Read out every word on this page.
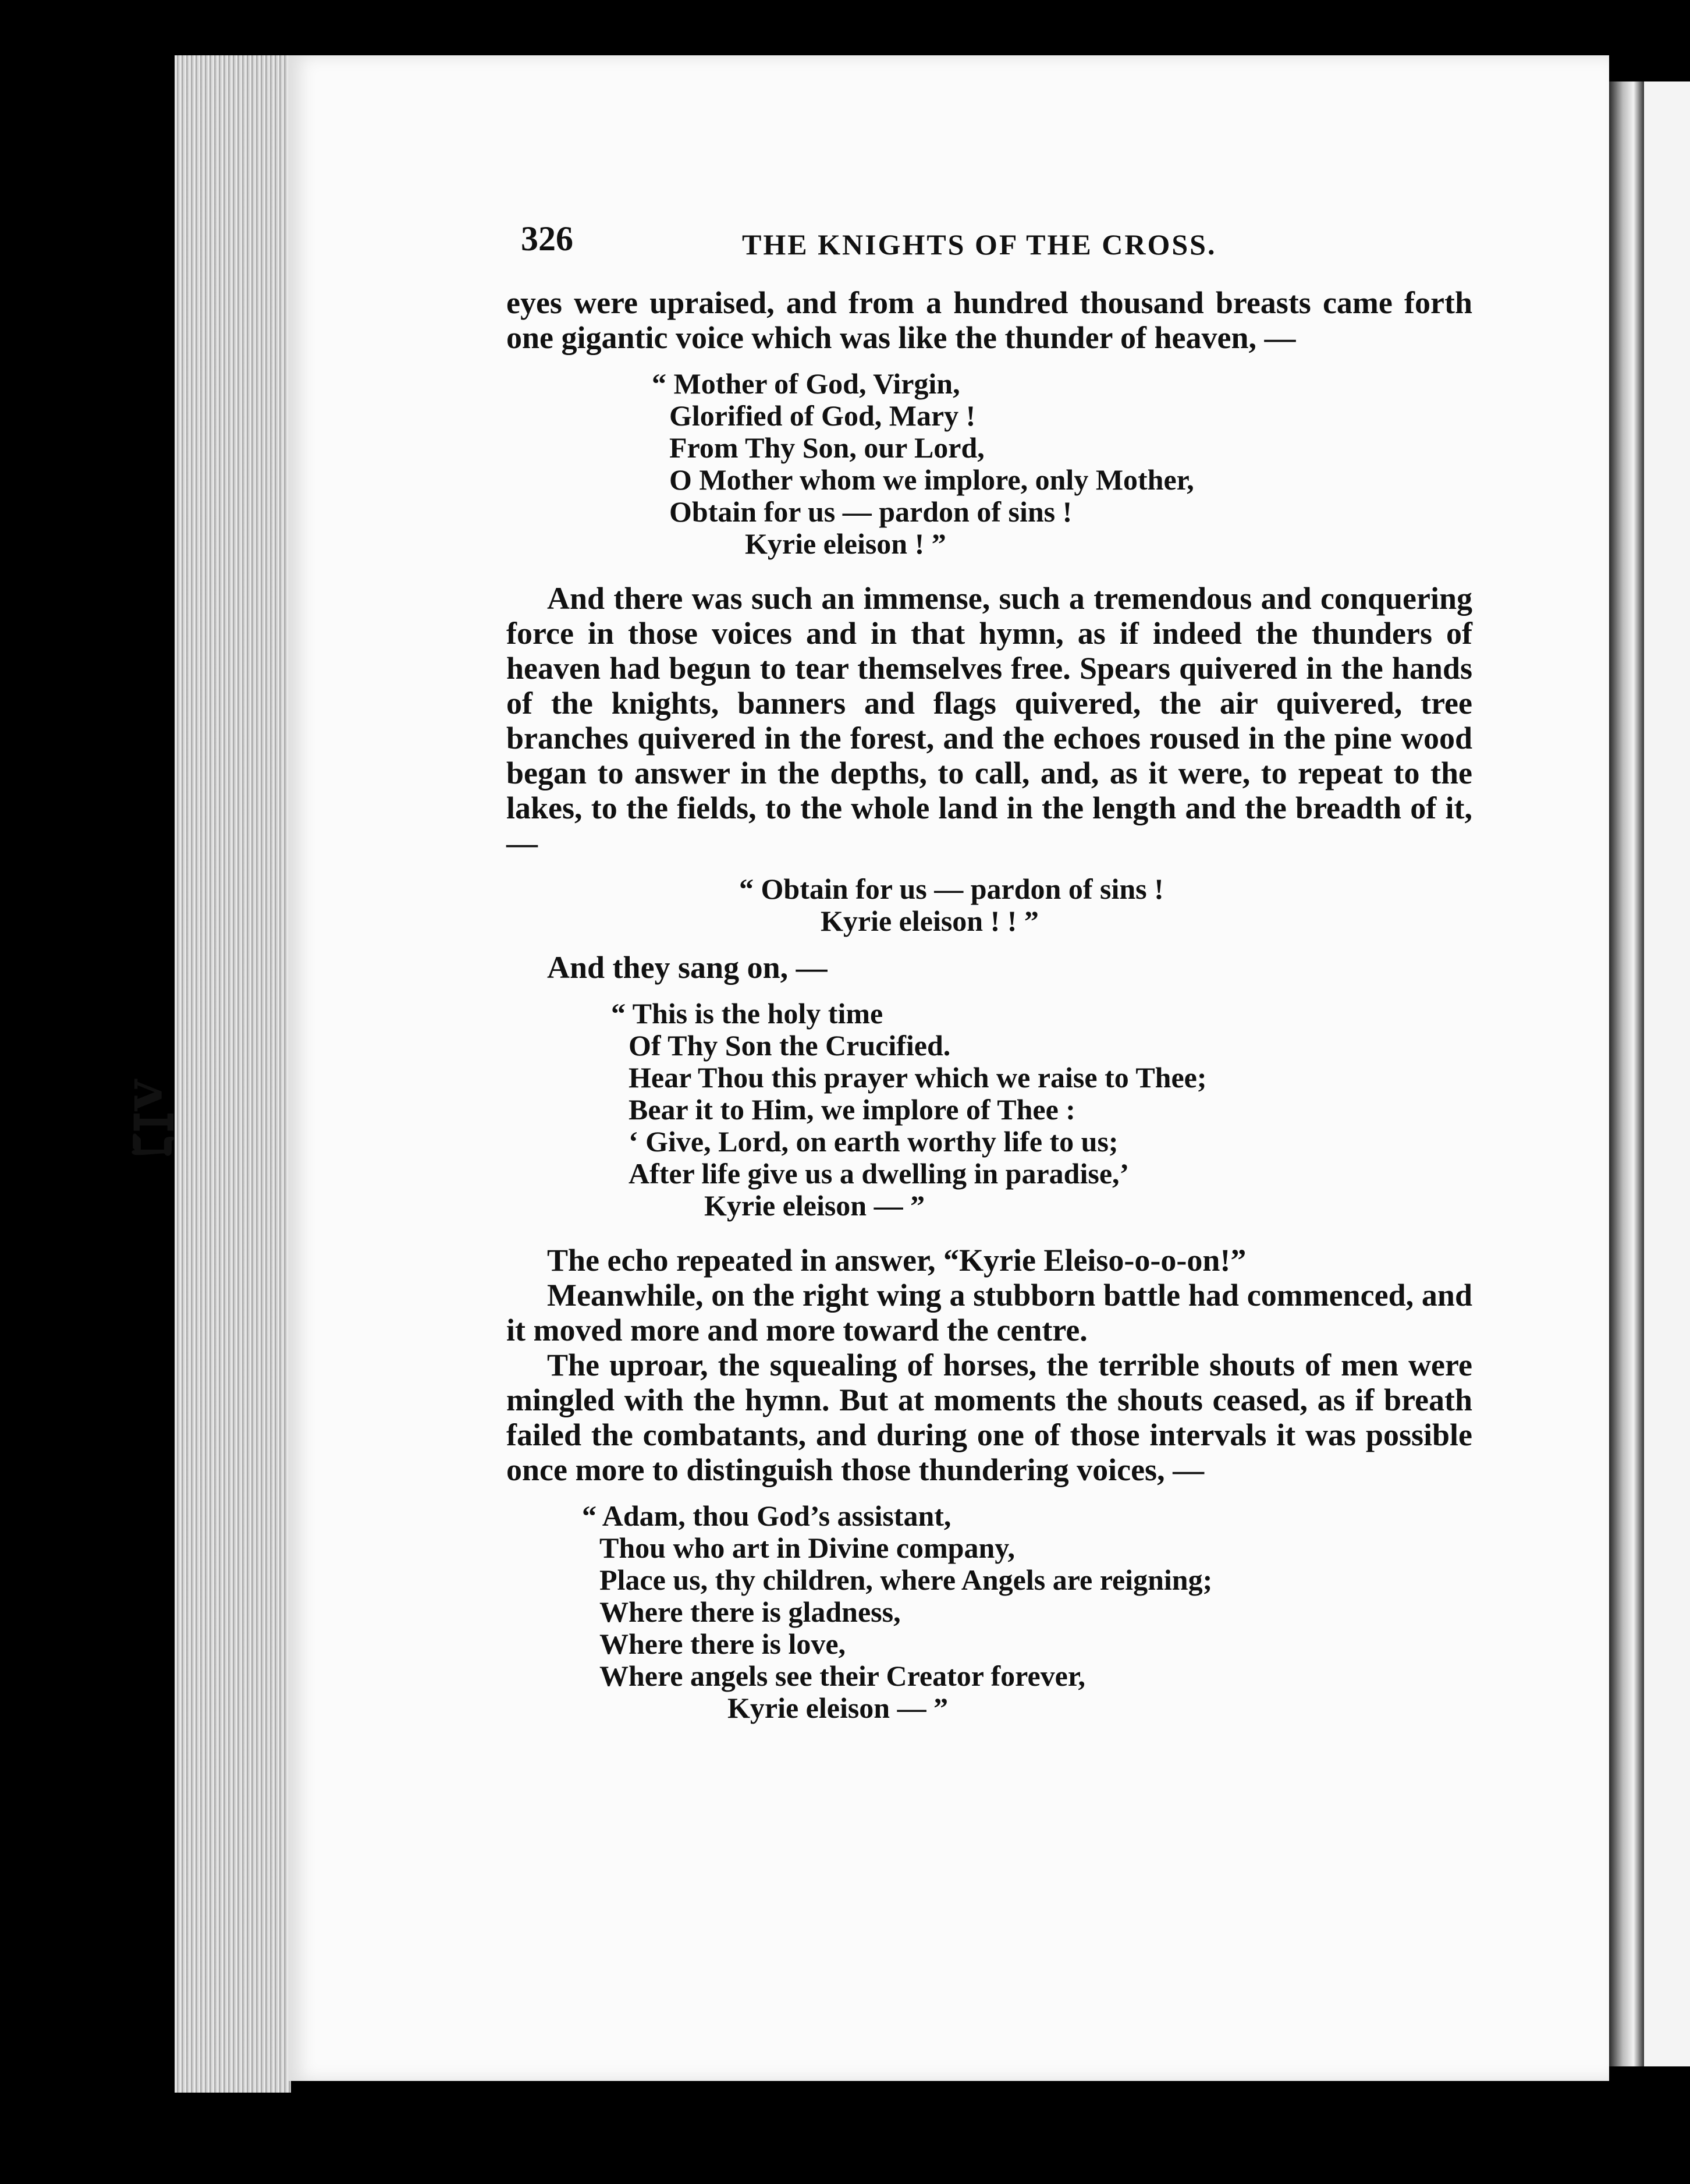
ᴧ𝖨ℷ
326	THE KNIGHTS OF THE CROSS.

eyes were upraised, and from a hundred thousand breasts came forth one gigantic voice which was like the thunder of heaven, —

“ Mother of God, Virgin,
Glorified of God, Mary !
From Thy Son, our Lord,
O Mother whom we implore, only Mother,
Obtain for us — pardon of sins !
Kyrie eleison ! ”

And there was such an immense, such a tremendous and conquering force in those voices and in that hymn, as if indeed the thunders of heaven had begun to tear themselves free. Spears quivered in the hands of the knights, banners and flags quivered, the air quivered, tree branches quivered in the forest, and the echoes roused in the pine wood began to answer in the depths, to call, and, as it were, to repeat to the lakes, to the fields, to the whole land in the length and the breadth of it, —

“ Obtain for us — pardon of sins !
Kyrie eleison ! ! ”

And they sang on, —

“ This is the holy time
Of Thy Son the Crucified.
Hear Thou this prayer which we raise to Thee;
Bear it to Him, we implore of Thee :
‘ Give, Lord, on earth worthy life to us;
After life give us a dwelling in paradise,’
Kyrie eleison — ”

The echo repeated in answer, “Kyrie Eleiso-o-o-on!”

Meanwhile, on the right wing a stubborn battle had commenced, and it moved more and more toward the centre.

The uproar, the squealing of horses, the terrible shouts of men were mingled with the hymn. But at moments the shouts ceased, as if breath failed the combatants, and during one of those intervals it was possible once more to distinguish those thundering voices, —

“ Adam, thou God’s assistant,
Thou who art in Divine company,
Place us, thy children, where Angels are reigning;
Where there is gladness,
Where there is love,
Where angels see their Creator forever,
Kyrie eleison — ”
